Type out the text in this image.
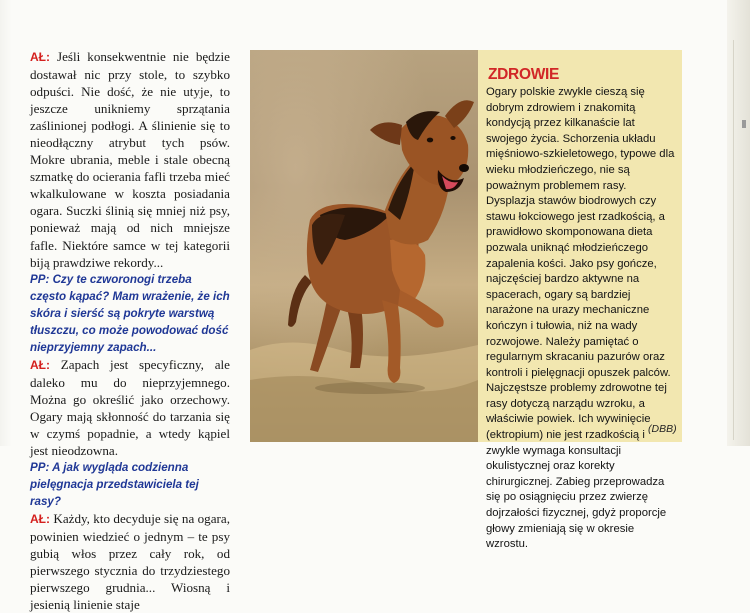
AŁ: Jeśli konsekwentnie nie będzie dostawał nic przy stole, to szybko odpuści. Nie dość, że nie utyje, to jeszcze unikniemy sprzątania zaślinionej podłogi. A ślinienie się to nieodłączny atrybut tych psów. Mokre ubrania, meble i stale obecną szmatkę do ocierania fafli trzeba mieć wkalkulowane w koszta posiadania ogara. Suczki ślinią się mniej niż psy, ponieważ mają od nich mniejsze fafle. Niektóre samce w tej kategorii biją prawdziwe rekordy...

PP: Czy te czworonogi trzeba często kąpać? Mam wrażenie, że ich skóra i sierść są pokryte warstwą tłuszczu, co może powodować dość nieprzyjemny zapach...

AŁ: Zapach jest specyficzny, ale daleko mu do nieprzyjemnego. Można go określić jako orzechowy. Ogary mają skłonność do tarzania się w czymś popadnie, a wtedy kąpiel jest nieodzowna.

PP: A jak wygląda codzienna pielęgnacja przedstawiciela tej rasy?

AŁ: Każdy, kto decyduje się na ogara, powinien wiedzieć o jednym – te psy gubią włos przez cały rok, od pierwszego stycznia do trzydziestego pierwszego grudnia... Wiosną i jesienią linienie staje

ZDROWIE

Ogary polskie zwykle cieszą się dobrym zdrowiem i znakomitą kondycją przez kilkanaście lat swojego życia. Schorzenia układu mięśniowo-szkieletowego, typowe dla wieku młodzieńczego, nie są poważnym problemem rasy. Dysplazja stawów biodrowych czy stawu łokciowego jest rzadkością, a prawidłowo skomponowana dieta pozwala uniknąć młodzieńczego zapalenia kości. Jako psy gończe, najczęściej bardzo aktywne na spacerach, ogary są bardziej narażone na urazy mechaniczne kończyn i tułowia, niż na wady rozwojowe. Należy pamiętać o regularnym skracaniu pazurów oraz kontroli i pielęgnacji opuszek palców. Najczęstsze problemy zdrowotne tej rasy dotyczą narządu wzroku, a właściwie powiek. Ich wywinięcie (ektropium) nie jest rzadkością i zwykle wymaga konsultacji okulistycznej oraz korekty chirurgicznej. Zabieg przeprowadza się po osiągnięciu przez zwierzę dojrzałości fizycznej, gdyż proporcje głowy zmieniają się w okresie wzrostu.

(DBB)
